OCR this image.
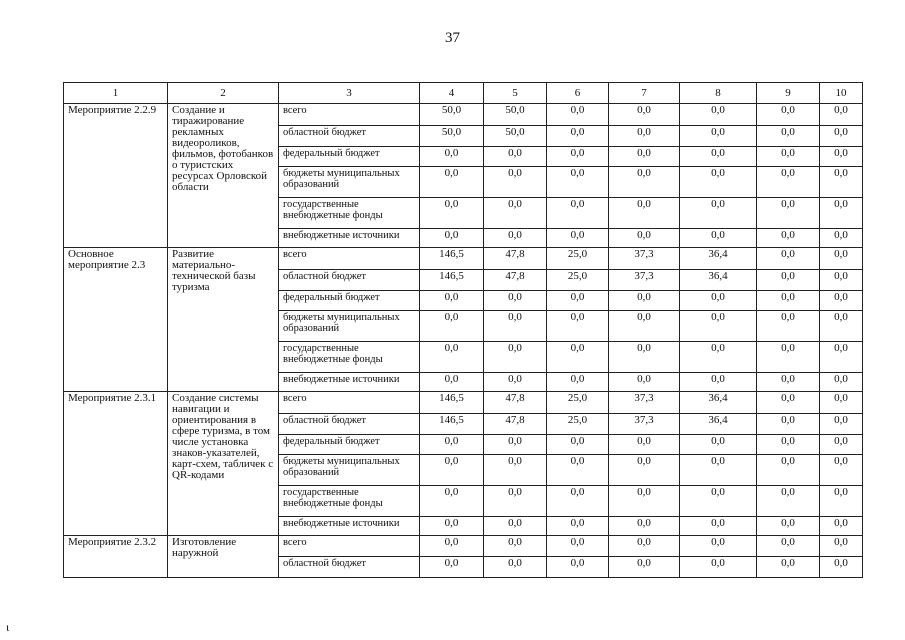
37
1	2	3	4	5	6	7	8	9	10
Мероприятие 2.2.9	Создание и тиражирование рекламных видеороликов, фильмов, фотобанков о туристских ресурсах Орловской области	всего	50,0	50,0	0,0	0,0	0,0	0,0	0,0
		областной бюджет	50,0	50,0	0,0	0,0	0,0	0,0	0,0
		федеральный бюджет	0,0	0,0	0,0	0,0	0,0	0,0	0,0
		бюджеты муниципальных образований	0,0	0,0	0,0	0,0	0,0	0,0	0,0
		государственные внебюджетные фонды	0,0	0,0	0,0	0,0	0,0	0,0	0,0
		внебюджетные источники	0,0	0,0	0,0	0,0	0,0	0,0	0,0
Основное мероприятие 2.3	Развитие материально-технической базы туризма	всего	146,5	47,8	25,0	37,3	36,4	0,0	0,0
		областной бюджет	146,5	47,8	25,0	37,3	36,4	0,0	0,0
		федеральный бюджет	0,0	0,0	0,0	0,0	0,0	0,0	0,0
		бюджеты муниципальных образований	0,0	0,0	0,0	0,0	0,0	0,0	0,0
		государственные внебюджетные фонды	0,0	0,0	0,0	0,0	0,0	0,0	0,0
		внебюджетные источники	0,0	0,0	0,0	0,0	0,0	0,0	0,0
Мероприятие 2.3.1	Создание системы навигации и ориентирования в сфере туризма, в том числе установка знаков-указателей, карт-схем, табличек с QR-кодами	всего	146,5	47,8	25,0	37,3	36,4	0,0	0,0
		областной бюджет	146,5	47,8	25,0	37,3	36,4	0,0	0,0
		федеральный бюджет	0,0	0,0	0,0	0,0	0,0	0,0	0,0
		бюджеты муниципальных образований	0,0	0,0	0,0	0,0	0,0	0,0	0,0
		государственные внебюджетные фонды	0,0	0,0	0,0	0,0	0,0	0,0	0,0
		внебюджетные источники	0,0	0,0	0,0	0,0	0,0	0,0	0,0
Мероприятие 2.3.2	Изготовление наружной	всего	0,0	0,0	0,0	0,0	0,0	0,0	0,0
		областной бюджет	0,0	0,0	0,0	0,0	0,0	0,0	0,0
ι
